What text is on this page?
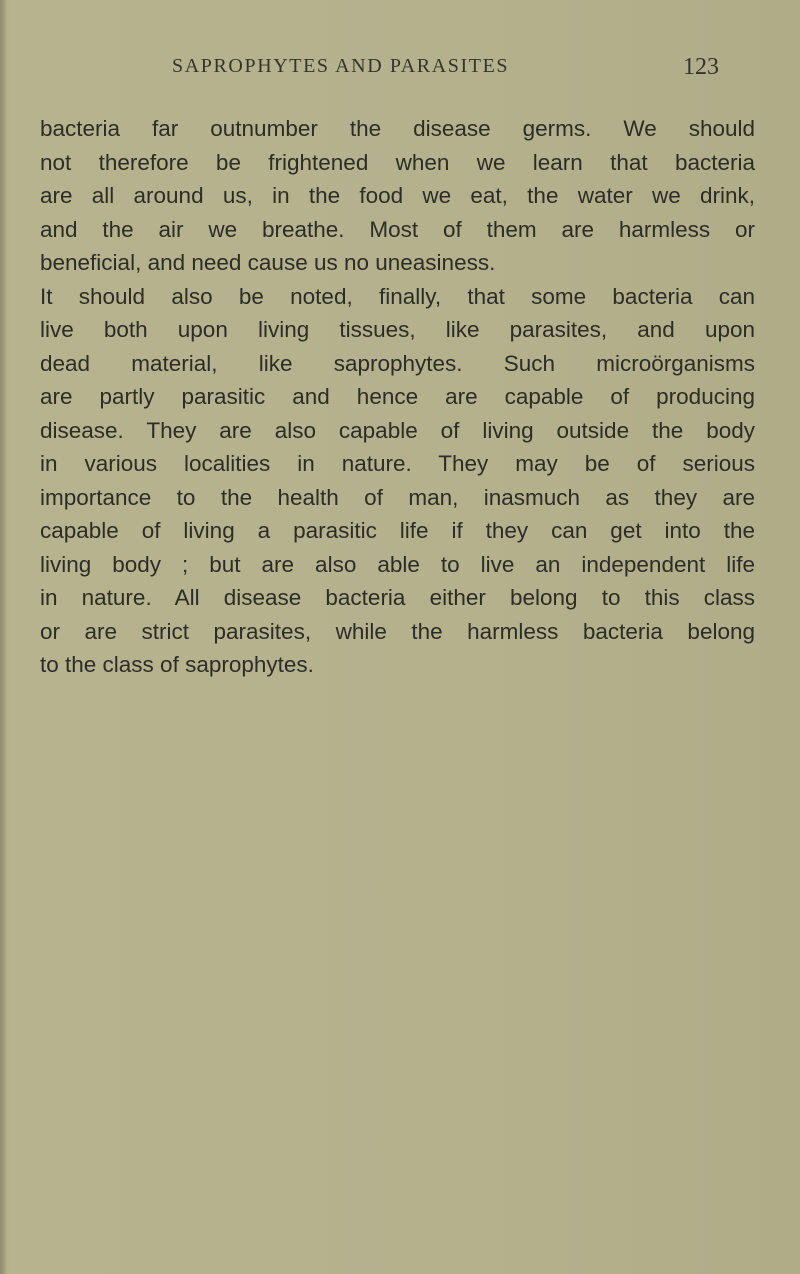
SAPROPHYTES AND PARASITES	123
bacteria far outnumber the disease germs. We should
not therefore be frightened when we learn that bacteria
are all around us, in the food we eat, the water we drink,
and the air we breathe. Most of them are harmless or
beneficial, and need cause us no uneasiness.
It should also be noted, finally, that some bacteria can
live both upon living tissues, like parasites, and upon
dead material, like saprophytes. Such microörganisms
are partly parasitic and hence are capable of producing
disease. They are also capable of living outside the body
in various localities in nature. They may be of serious
importance to the health of man, inasmuch as they are
capable of living a parasitic life if they can get into the
living body ; but are also able to live an independent life
in nature. All disease bacteria either belong to this class
or are strict parasites, while the harmless bacteria belong
to the class of saprophytes.
